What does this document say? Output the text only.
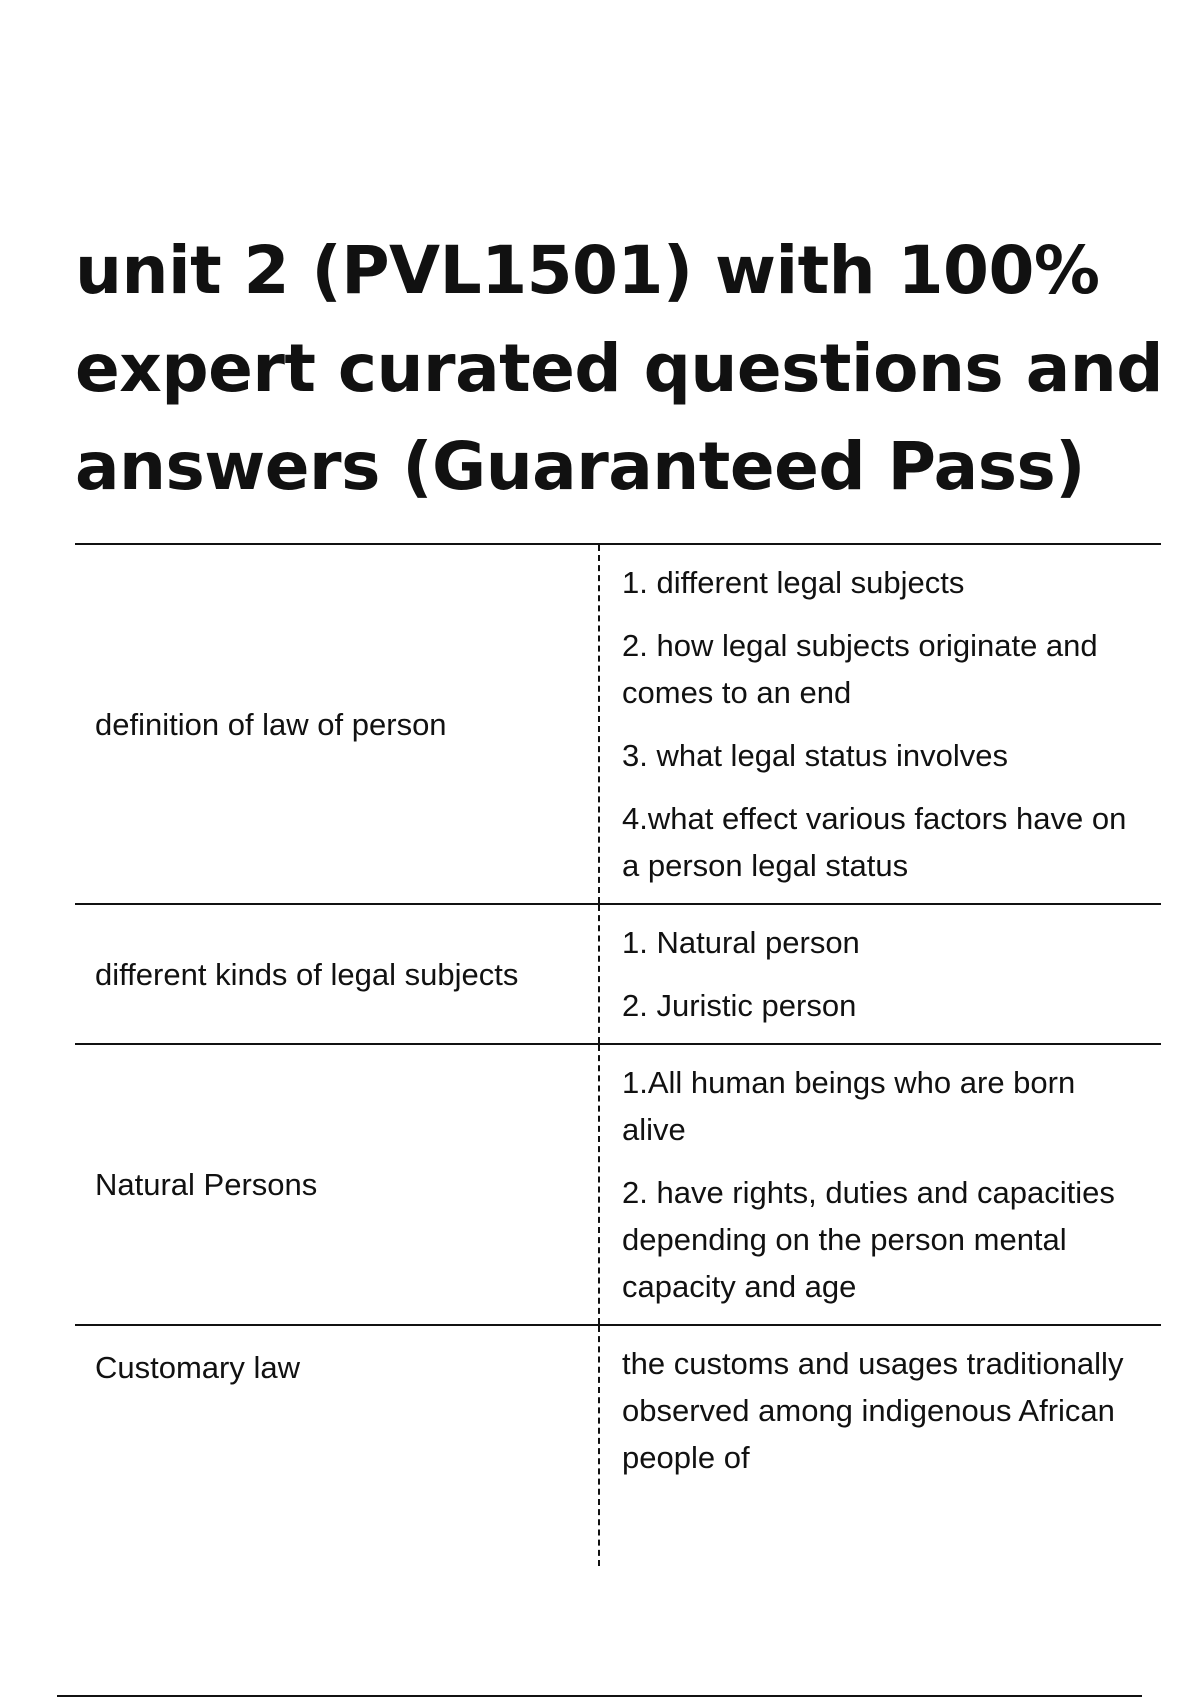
unit 2 (PVL1501) with 100% expert curated questions and answers (Guaranteed Pass)
definition of law of person

1. different legal subjects

2. how legal subjects originate and comes to an end

3. what legal status involves

4.what effect various factors have on a person legal status

different kinds of legal subjects

1. Natural person

2. Juristic person

Natural Persons

1.All human beings who are born alive

2. have rights, duties and capacities depending on the person mental capacity and age

Customary law	the customs and usages traditionally observed among indigenous African people of
